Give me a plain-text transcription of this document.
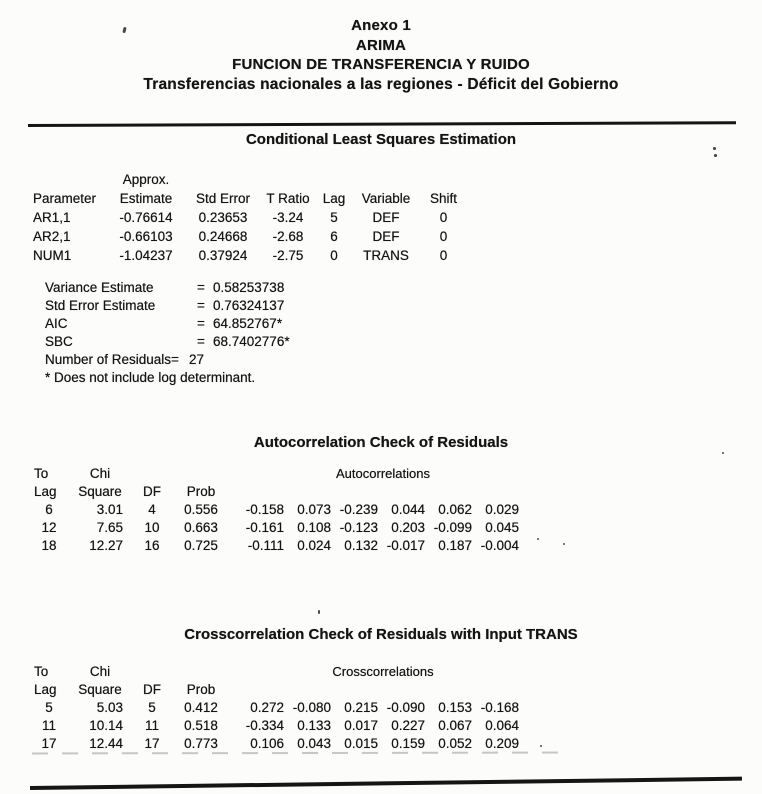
Anexo 1
ARIMA
FUNCION DE TRANSFERENCIA Y RUIDO
Transferencias nacionales a las regiones - Déficit del Gobierno
Conditional Least Squares Estimation
	Approx.					
Parameter	Estimate	Std Error	T Ratio	Lag	Variable	Shift
AR1,1	-0.76614	0.23653	-3.24	5	DEF	0
AR2,1	-0.66103	0.24668	-2.68	6	DEF	0
NUM1	-1.04237	0.37924	-2.75	0	TRANS	0
Variance Estimate	= 0.58253738
Std Error Estimate	= 0.76324137
AIC	= 64.852767*
SBC	= 68.7402776*
Number of Residuals= 27
* Does not include log determinant.
Autocorrelation Check of Residuals
To	Chi				Autocorrelations					
Lag	Square	DF	Prob							
6	3.01	4	0.556		-0.158	0.073	-0.239	0.044	0.062	0.029
12	7.65	10	0.663		-0.161	0.108	-0.123	0.203	-0.099	0.045
18	12.27	16	0.725		-0.111	0.024	0.132	-0.017	0.187	-0.004
Crosscorrelation Check of Residuals with Input TRANS
To	Chi				Crosscorrelations					
Lag	Square	DF	Prob							
5	5.03	5	0.412		0.272	-0.080	0.215	-0.090	0.153	-0.168
11	10.14	11	0.518		-0.334	0.133	0.017	0.227	0.067	0.064
17	12.44	17	0.773		0.106	0.043	0.015	0.159	0.052	0.209
